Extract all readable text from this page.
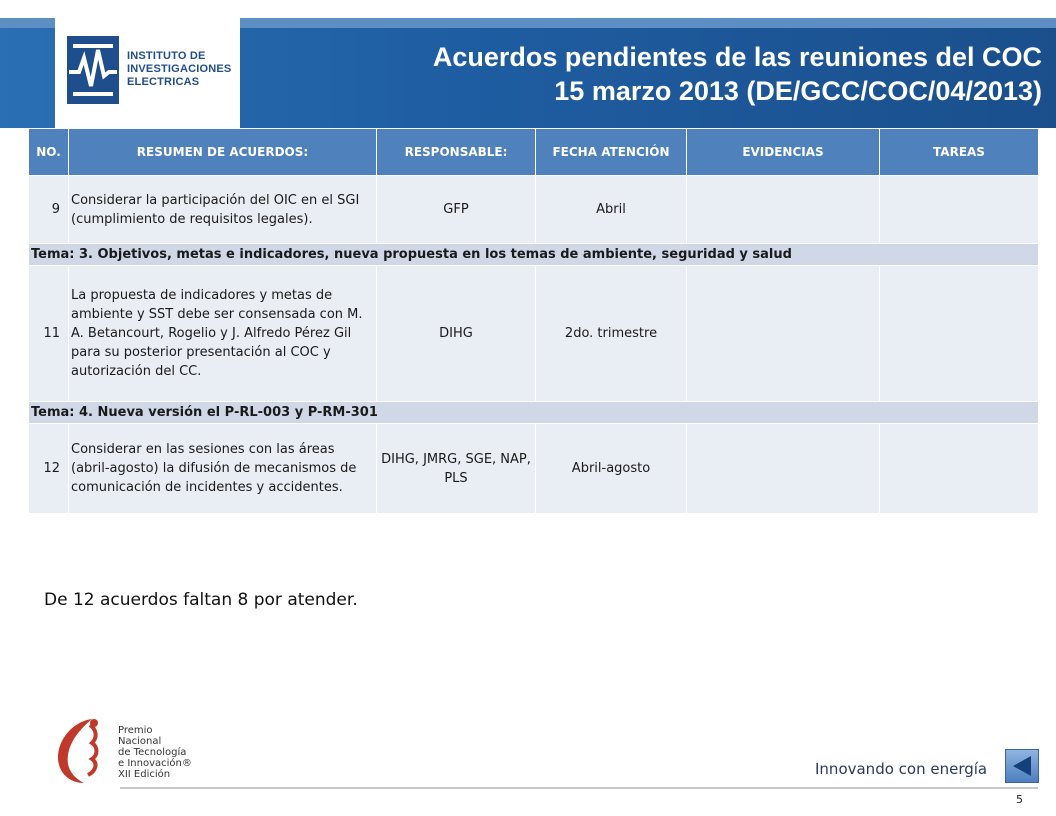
INSTITUTO DE
INVESTIGACIONES
ELECTRICAS
Acuerdos pendientes de las reuniones del COC
15 marzo 2013 (DE/GCC/COC/04/2013)
NO.	RESUMEN DE ACUERDOS:	RESPONSABLE:	FECHA ATENCIÓN	EVIDENCIAS	TAREAS
9	Considerar la participación del OIC en el SGI (cumplimiento de requisitos legales).	GFP	Abril		
Tema: 3. Objetivos, metas e indicadores, nueva propuesta en los temas de ambiente, seguridad y salud					
11	La propuesta de indicadores y metas de ambiente y SST debe ser consensada con M. A. Betancourt, Rogelio y J. Alfredo Pérez Gil para su posterior presentación al COC y autorización del CC.	DIHG	2do. trimestre		
Tema: 4. Nueva versión el P-RL-003 y P-RM-301					
12	Considerar en las sesiones con las áreas (abril-agosto) la difusión de mecanismos de comunicación de incidentes y accidentes.	DIHG, JMRG, SGE, NAP, PLS	Abril-agosto		
De 12 acuerdos faltan 8 por atender.
Premio
Nacional
de Tecnología
e Innovación®
XII Edición	Innovando con energía
5
